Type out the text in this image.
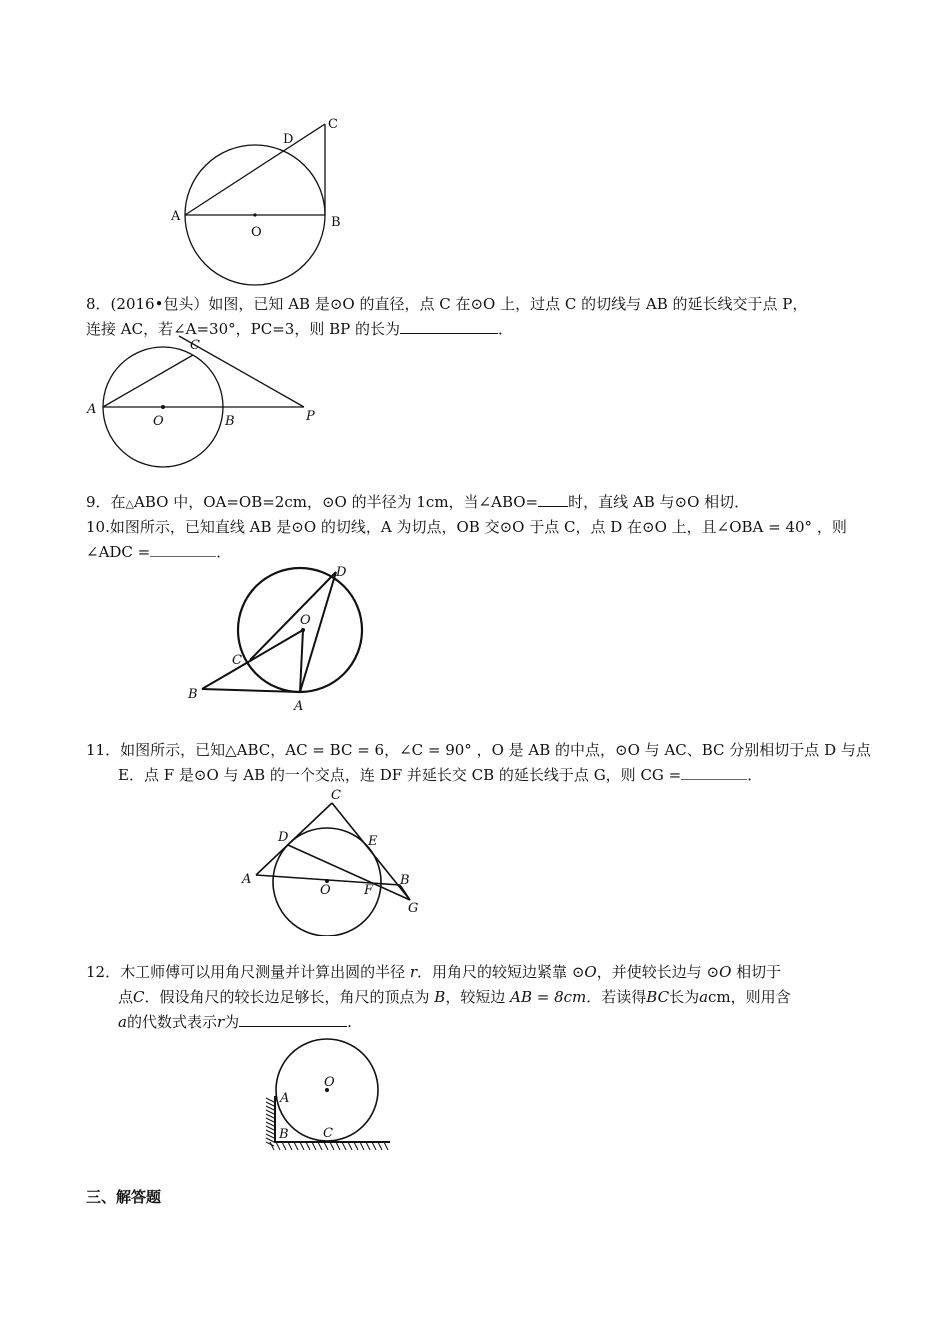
C
D
A	B
O
8．(2016•包头）如图，已知 AB 是⊙O 的直径，点 C 在⊙O 上，过点 C 的切线与 AB 的延长线交于点 P，
连接 AC，若∠A=30°，PC=3，则 BP 的长为	．
C
A
O	B	P
9．在△ABO 中，OA=OB=2cm，⊙O 的半径为 1cm，当∠ABO= 时，直线 AB 与⊙O 相切．
10.如图所示，已知直线 AB 是⊙O 的切线，A 为切点，OB 交⊙O 于点 C，点 D 在⊙O 上，且∠OBA = 40° ，则
∠ADC =	．
D
O
C
B
A
11．如图所示，已知△ABC，AC = BC = 6，∠C = 90° ，O 是 AB 的中点，⊙O 与 AC、BC 分别相切于点 D 与点
E．点 F 是⊙O 与 AB 的一个交点，连 DF 并延长交 CB 的延长线于点 G，则 CG =	．
C
D	E
A
O	F
B
G
12．木工师傅可以用角尺测量并计算出圆的半径 r．用角尺的较短边紧靠 ⊙O，并使较长边与 ⊙O 相切于
点C．假设角尺的较长边足够长，角尺的顶点为 B，较短边 AB = 8cm．若读得BC长为acm，则用含
a的代数式表示r为	.
O
A
B	C
三、解答题
